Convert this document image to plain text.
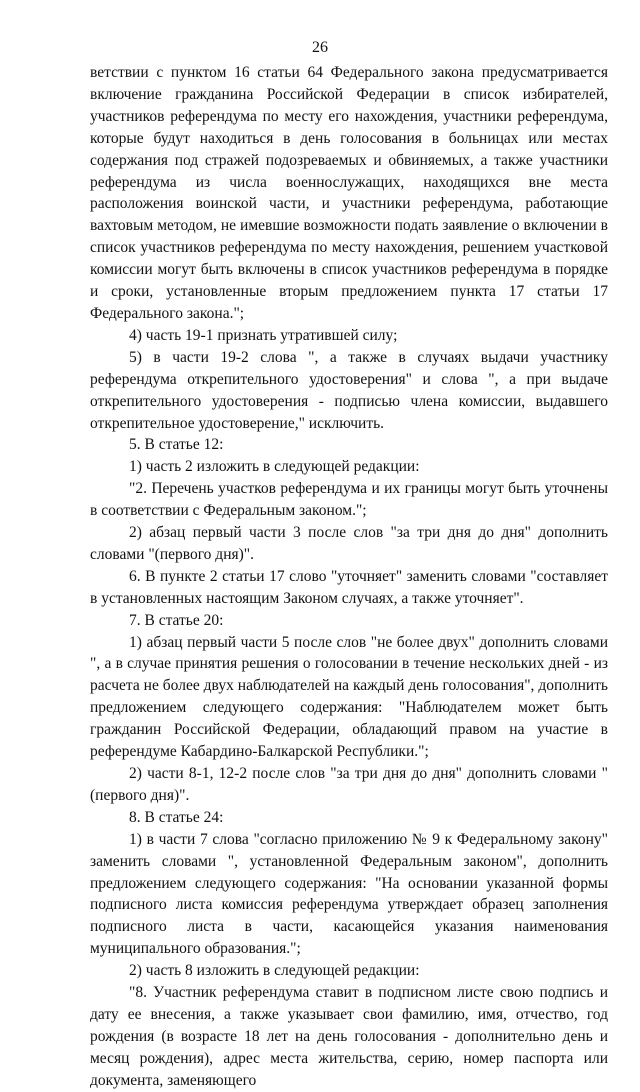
26

ветствии с пунктом 16 статьи 64 Федерального закона предусматривается включение гражданина Российской Федерации в список избирателей, участников референдума по месту его нахождения, участники референдума, которые будут находиться в день голосования в больницах или местах содержания под стражей подозреваемых и обвиняемых, а также участники референдума из числа военнослужащих, находящихся вне места расположения воинской части, и участники референдума, работающие вахтовым методом, не имевшие возможности подать заявление о включении в список участников референдума по месту нахождения, решением участковой комиссии могут быть включены в список участников референдума в порядке и сроки, установленные вторым предложением пункта 17 статьи 17 Федерального закона.";

4) часть 19-1 признать утратившей силу;

5) в части 19-2 слова ", а также в случаях выдачи участнику референдума открепительного удостоверения" и слова ", а при выдаче открепительного удостоверения - подписью члена комиссии, выдавшего открепительное удостоверение," исключить.

5. В статье 12:

1) часть 2 изложить в следующей редакции:

"2. Перечень участков референдума и их границы могут быть уточнены в соответствии с Федеральным законом.";

2) абзац первый части 3 после слов "за три дня до дня" дополнить словами "(первого дня)".

6. В пункте 2 статьи 17 слово "уточняет" заменить словами "составляет в установленных настоящим Законом случаях, а также уточняет".

7. В статье 20:

1) абзац первый части 5 после слов "не более двух" дополнить словами ", а в случае принятия решения о голосовании в течение нескольких дней - из расчета не более двух наблюдателей на каждый день голосования", дополнить предложением следующего содержания: "Наблюдателем может быть гражданин Российской Федерации, обладающий правом на участие в референдуме Кабардино-Балкарской Республики.";

2) части 8-1, 12-2 после слов "за три дня до дня" дополнить словами "(первого дня)".

8. В статье 24:

1) в части 7 слова "согласно приложению № 9 к Федеральному закону" заменить словами ", установленной Федеральным законом", дополнить предложением следующего содержания: "На основании указанной формы подписного листа комиссия референдума утверждает образец заполнения подписного листа в части, касающейся указания наименования муниципального образования.";

2) часть 8 изложить в следующей редакции:

"8. Участник референдума ставит в подписном листе свою подпись и дату ее внесения, а также указывает свои фамилию, имя, отчество, год рождения (в возрасте 18 лет на день голосования - дополнительно день и месяц рождения), адрес места жительства, серию, номер паспорта или документа, заменяющего
